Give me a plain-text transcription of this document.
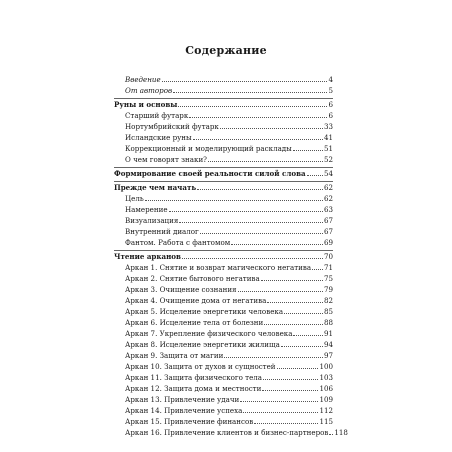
Содержание
Введение	4
От авторов	5
Руны и основы	6
Старший футарк	6
Нортумбрийский футарк	33
Исландские руны	41
Коррекционный и моделирующий расклады	51
О чем говорят знаки?	52
Формирование своей реальности силой слова	54
Прежде чем начать	62
Цель	62
Намерение	63
Визуализация	67
Внутренний диалог	67
Фантом. Работа с фантомом	69
Чтение арканов	70
Аркан 1. Снятие и возврат магического негатива 71
Аркан 2. Снятие бытового негатива	75
Аркан 3. Очищение сознания	79
Аркан 4. Очищение дома от негатива	82
Аркан 5. Исцеление энергетики человека	85
Аркан 6. Исцеление тела от болезни	88
Аркан 7. Укрепление физического человека	91
Аркан 8. Исцеление энергетики жилища	94
Аркан 9. Защита от магии	97
Аркан 10. Защита от духов и сущностей	100
Аркан 11. Защита физического тела	103
Аркан 12. Защита дома и местности	106
Аркан 13. Привлечение удачи	109
Аркан 14. Привлечение успеха	112
Аркан 15. Привлечение финансов	115
Аркан 16. Привлечение клиентов и бизнес-партнеров 118
